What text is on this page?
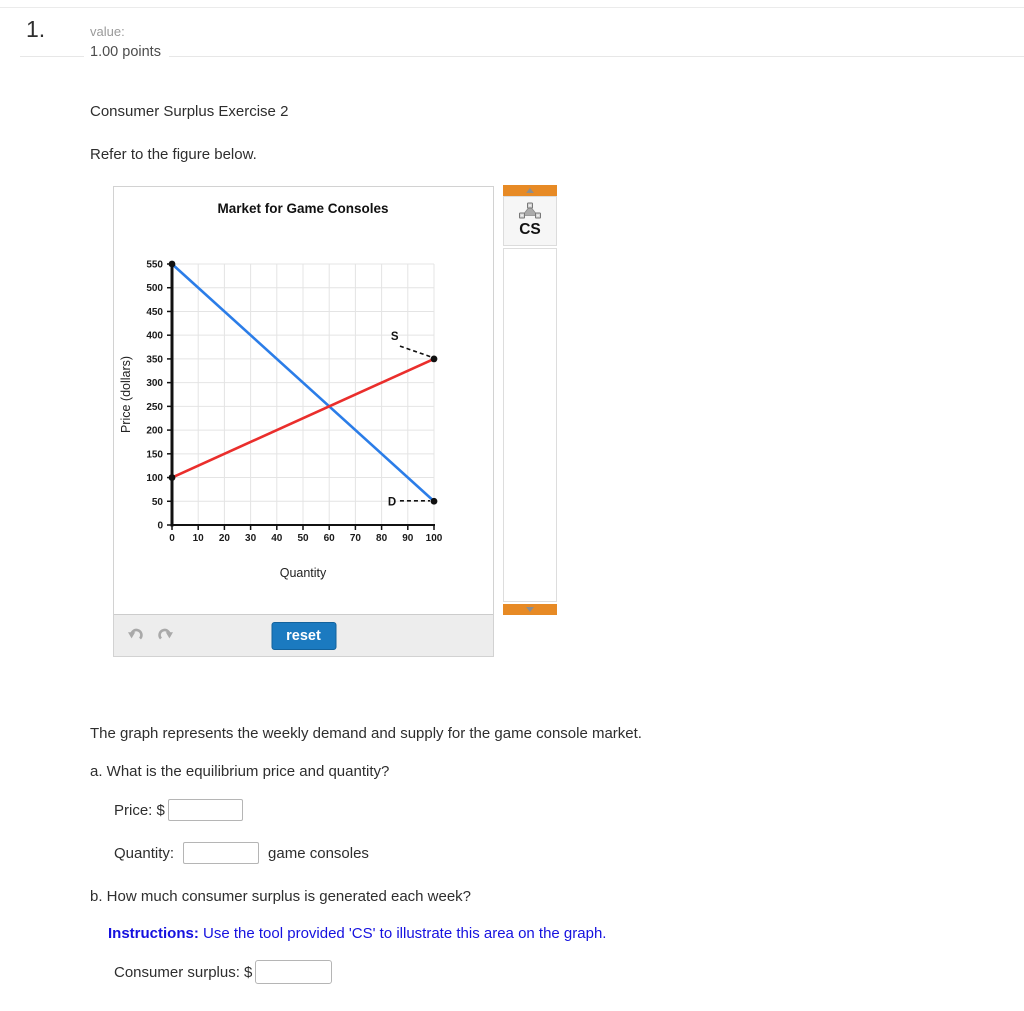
1.	value:
1.00 points
Consumer Surplus Exercise 2
Refer to the figure below.
Market for Game Consoles
Price (dollars)
Quantity
0 10 20 30 40 50 60 70 80 90 100
0
50
100
150
200
250
300
350
400
450
500
550
D
S
reset
CS
The graph represents the weekly demand and supply for the game console market.
a. What is the equilibrium price and quantity?
Price: $
Quantity:	game consoles
b. How much consumer surplus is generated each week?
Instructions: Use the tool provided 'CS' to illustrate this area on the graph.
Consumer surplus: $
